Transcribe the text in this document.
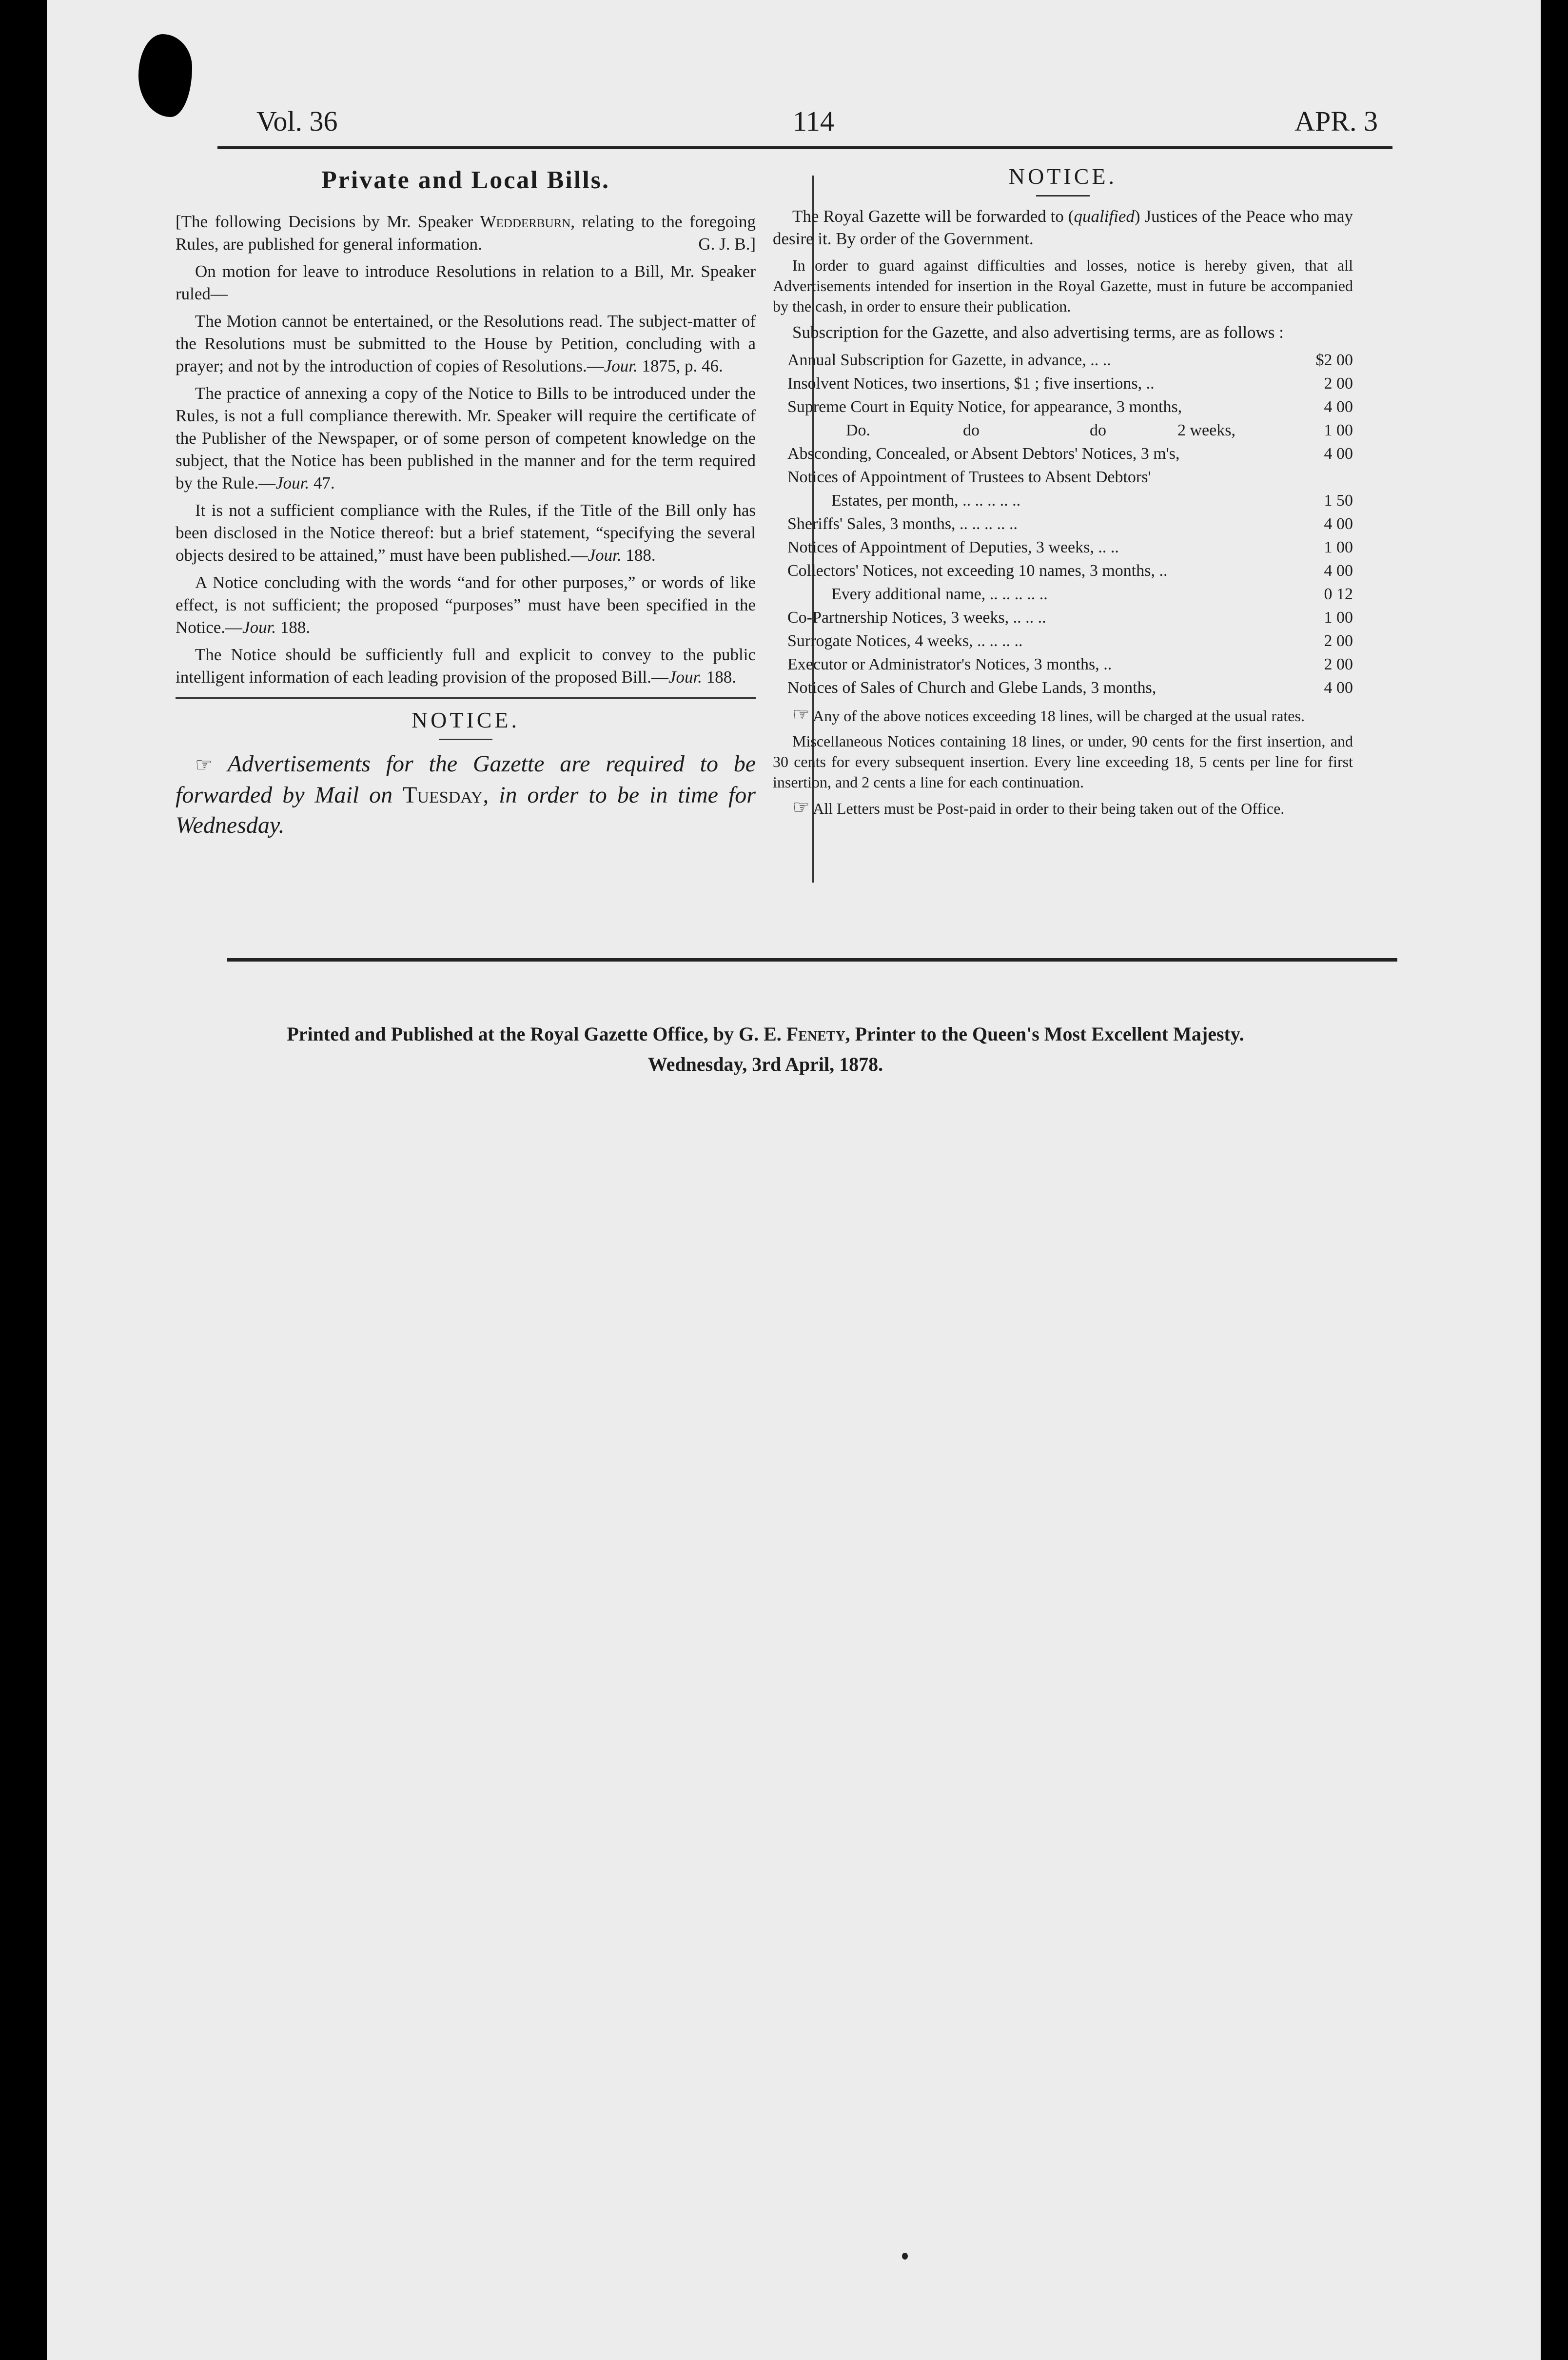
Vol. 36	114	APR. 3
Private and Local Bills.

[The following Decisions by Mr. Speaker Wedderburn, relating to the foregoing Rules, are published for general information.	G. J. B.]

On motion for leave to introduce Resolutions in relation to a Bill, Mr. Speaker ruled—

The Motion cannot be entertained, or the Resolutions read. The subject-matter of the Resolutions must be submitted to the House by Petition, concluding with a prayer; and not by the introduction of copies of Resolutions.—Jour. 1875, p. 46.

The practice of annexing a copy of the Notice to Bills to be introduced under the Rules, is not a full compliance therewith. Mr. Speaker will require the certificate of the Publisher of the Newspaper, or of some person of competent knowledge on the subject, that the Notice has been published in the manner and for the term required by the Rule.—Jour. 47.

It is not a sufficient compliance with the Rules, if the Title of the Bill only has been disclosed in the Notice thereof: but a brief statement, “specifying the several objects desired to be attained,” must have been published.—Jour. 188.

A Notice concluding with the words “and for other purposes,” or words of like effect, is not sufficient; the proposed “purposes” must have been specified in the Notice.—Jour. 188.

The Notice should be sufficiently full and explicit to convey to the public intelligent information of each leading provision of the proposed Bill.—Jour. 188.

NOTICE.

☞ Advertisements for the Gazette are required to be forwarded by Mail on Tuesday, in order to be in time for Wednesday.

NOTICE.

The Royal Gazette will be forwarded to (qualified) Justices of the Peace who may desire it. By order of the Government.

In order to guard against difficulties and losses, notice is hereby given, that all Advertisements intended for insertion in the Royal Gazette, must in future be accompanied by the cash, in order to ensure their publication.

Subscription for the Gazette, and also advertising terms, are as follows :

Annual Subscription for Gazette, in advance, .. ..	$2 00
Insolvent Notices, two insertions, $1 ; five insertions, ..	2 00
Supreme Court in Equity Notice, for appearance, 3 months,	4 00
Do. do do 2 weeks,	1 00
Absconding, Concealed, or Absent Debtors' Notices, 3 m's,	4 00
Notices of Appointment of Trustees to Absent Debtors'	
Estates, per month, .. .. .. .. ..	1 50
Sheriffs' Sales, 3 months, .. .. .. .. ..	4 00
Notices of Appointment of Deputies, 3 weeks, .. ..	1 00
Collectors' Notices, not exceeding 10 names, 3 months, ..	4 00
Every additional name, .. .. .. .. ..	0 12
Co-Partnership Notices, 3 weeks, .. .. ..	1 00
Surrogate Notices, 4 weeks, .. .. .. ..	2 00
Executor or Administrator's Notices, 3 months, ..	2 00
Notices of Sales of Church and Glebe Lands, 3 months,	4 00

☞ Any of the above notices exceeding 18 lines, will be charged at the usual rates.

Miscellaneous Notices containing 18 lines, or under, 90 cents for the first insertion, and 30 cents for every subsequent insertion. Every line exceeding 18, 5 cents per line for first insertion, and 2 cents a line for each continuation.

☞ All Letters must be Post-paid in order to their being taken out of the Office.

Printed and Published at the Royal Gazette Office, by G. E. Fenety, Printer to the Queen's Most Excellent Majesty.
Wednesday, 3rd April, 1878.
